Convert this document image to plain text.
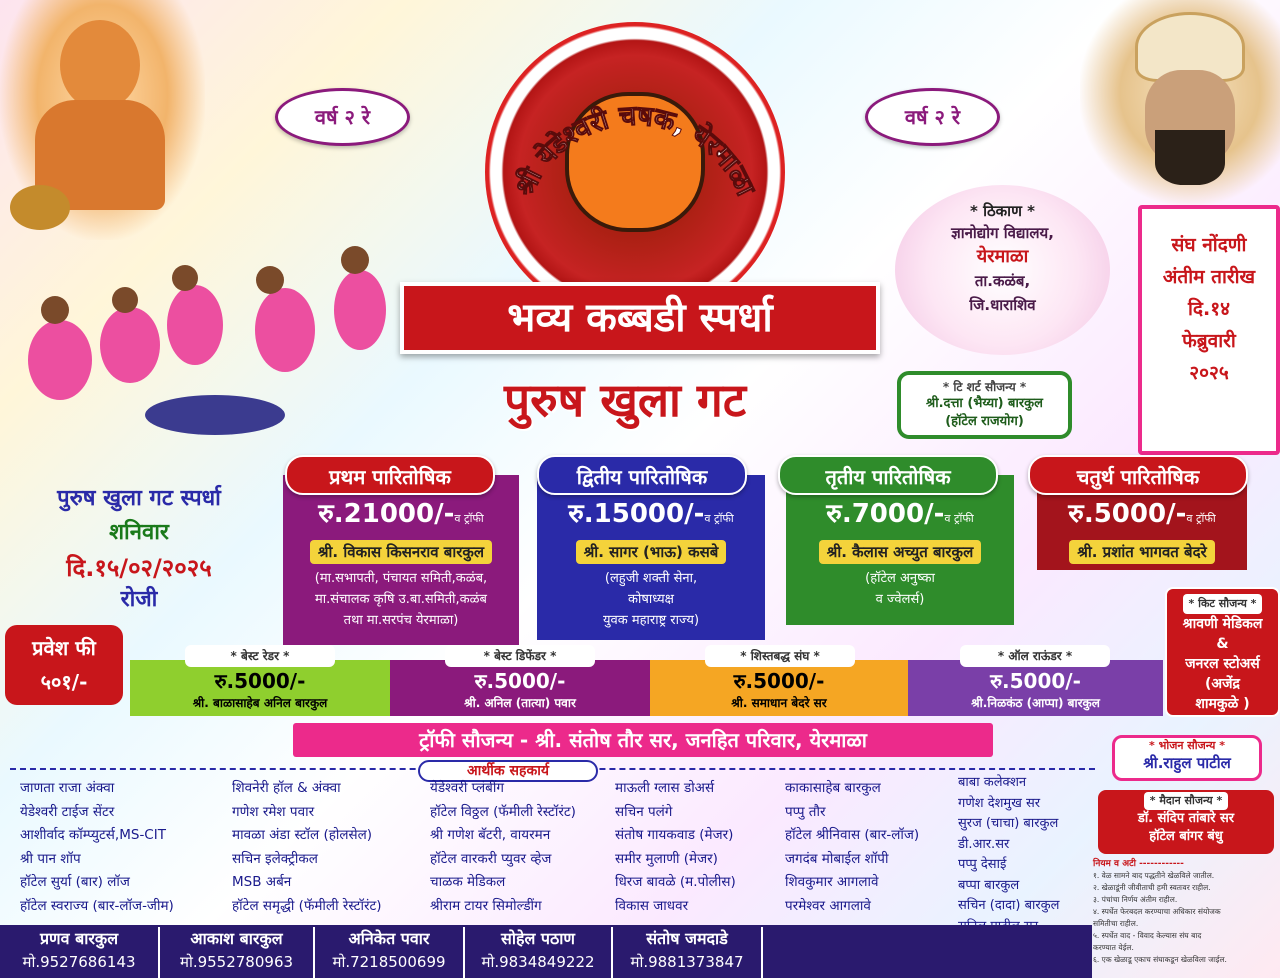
वर्ष २ रे	वर्ष २ रे
श्री येडेश्वरी चषक, येरमाळा
भव्य कब्बडी स्पर्धा
पुरुष खुला गट
* ठिकाण *
ज्ञानोद्योग विद्यालय,
येरमाळा
ता.कळंब,
जि.धाराशिव
संघ नोंदणी
अंतीम तारीख
दि.१४
फेब्रुवारी
२०२५
* टि शर्ट सौजन्य *
श्री.दत्ता (भैय्या) बारकुल
(हॉटेल राजयोग)
पुरुष खुला गट स्पर्धा
शनिवार
दि.१५/०२/२०२५
रोजी
प्रवेश फी
५०१/-
प्रथम पारितोषिक	द्वितीय पारितोषिक	तृतीय पारितोषिक	चतुर्थ पारितोषिक
रु.21000/-व ट्रॉफी
श्री. विकास किसनराव बारकुल
(मा.सभापती, पंचायत समिती,कळंब,
मा.संचालक कृषि उ.बा.समिती,कळंब
तथा मा.सरपंच येरमाळा)
रु.15000/-व ट्रॉफी
श्री. सागर (भाऊ) कसबे
(लहुजी शक्ती सेना,
कोषाध्यक्ष
युवक महाराष्ट्र राज्य)
रु.7000/-व ट्रॉफी
श्री. कैलास अच्युत बारकुल
(हॉटेल अनुष्का
व ज्वेलर्स)
रु.5000/-व ट्रॉफी
श्री. प्रशांत भागवत बेदरे
* बेस्ट रेडर *	* बेस्ट डिफेंडर *	* शिस्तबद्ध संघ *	* ऑल राऊंडर *
रु.5000/-
श्री. बाळासाहेब अनिल बारकुल
रु.5000/-
श्री. अनिल (तात्या) पवार
रु.5000/-
श्री. समाधान बेदरे सर
रु.5000/-
श्री.निळकंठ (आप्पा) बारकुल
* किट सौजन्य *
श्रावणी मेडिकल
&
जनरल स्टोअर्स
(अजेंद्र
शामकुळे )
ट्रॉफी सौजन्य - श्री. संतोष तौर सर, जनहित परिवार, येरमाळा	* भोजन सौजन्य *
श्री.राहुल पाटील
* मैदान सौजन्य *
डॉ. संदिप तांबारे सर
हॉटेल बांगर बंधु
नियम व अटी ------------
१. वेळ सामने बाद पद्धतीने खेळविले जातील.
२. खेळाडूंनी जीवीताची हमी स्वतःवर राहील.
३. पंचांचा निर्णय अंतीम राहील.
४. स्पर्धेत फेरबदल करण्याचा अधिकार संयोजक
समितीचा राहील.
५. स्पर्धेत वाद - विवाद केल्यास संघ बाद
करण्यात येईल.
६. एक खेळाडू एकाच संघाकडून खेळविला जाईल.
आर्थीक सहकार्य
जाणता राजा अंक्वा
येडेश्वरी टाईज सेंटर
आशीर्वाद कॉम्प्युटर्स,MS-CIT
श्री पान शॉप
हॉटेल सुर्या (बार) लॉज
हॉटेल स्वराज्य (बार-लॉज-जीम)
शिवनेरी हॉल & अंक्वा
गणेश रमेश पवार
मावळा अंडा स्टॉल (होलसेल)
सचिन इलेक्ट्रीकल
MSB अर्बन
हॉटेल समृद्धी (फॅमीली रेस्टॉरंट)
येडेश्वरी प्लंबींग
हॉटेल विठ्ठल (फॅमीली रेस्टॉरंट)
श्री गणेश बॅटरी, वायरमन
हॉटेल वारकरी प्युवर व्हेज
चाळक मेडिकल
श्रीराम टायर सिमोल्डींग
माऊली ग्लास डोअर्स
सचिन पलंगे
संतोष गायकवाड (मेजर)
समीर मुलाणी (मेजर)
धिरज बावळे (म.पोलीस)
विकास जाधवर
काकासाहेब बारकुल
पप्पु तौर
हॉटेल श्रीनिवास (बार-लॉज)
जगदंब मोबाईल शॉपी
शिवकुमार आगलावे
परमेश्वर आगलावे
बाबा कलेक्शन
गणेश देशमुख सर
सुरज (चाचा) बारकुल
डी.आर.सर
पप्पु देसाई
बप्पा बारकुल
सचिन (दादा) बारकुल
प्रणव बारकुल
मो.9527686143
आकाश बारकुल
मो.9552780963
अनिकेत पवार
मो.7218500699
सोहेल पठाण
मो.9834849222
संतोष जमदाडे
मो.9881373847
